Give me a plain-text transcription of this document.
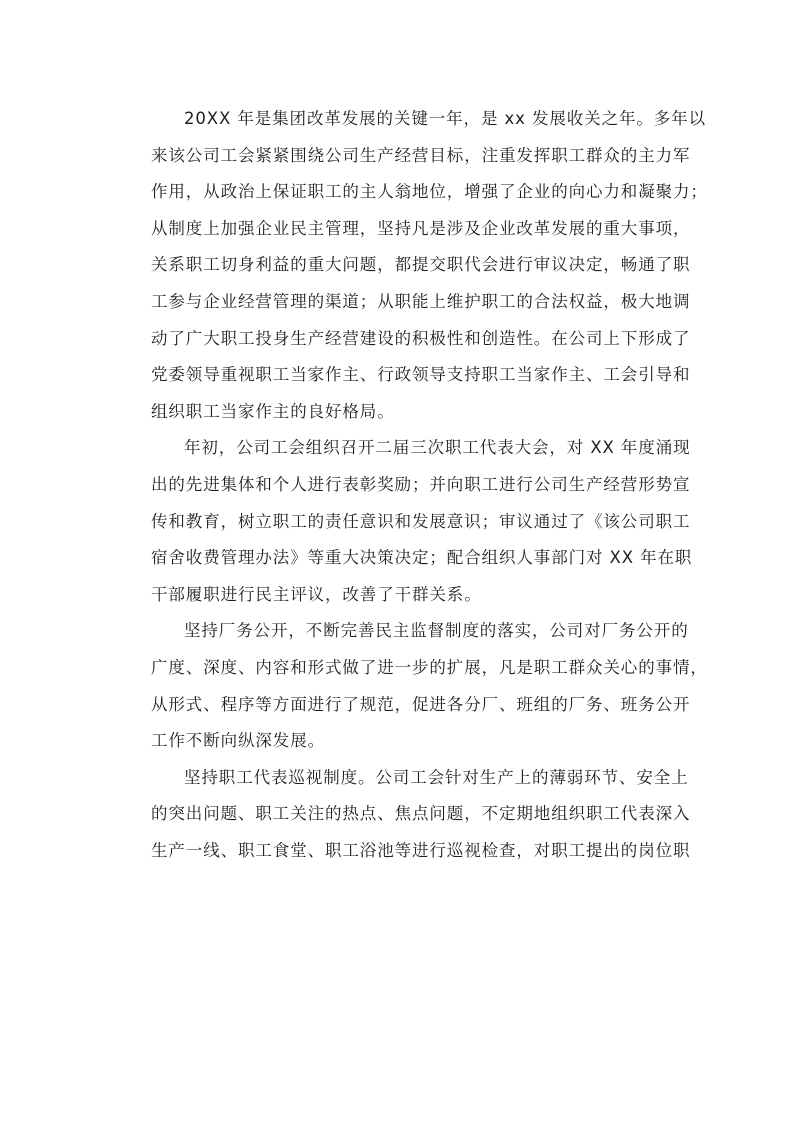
20XX 年是集团改革发展的关键一年，是 xx 发展收关之年。多年以
来该公司工会紧紧围绕公司生产经营目标，注重发挥职工群众的主力军
作用，从政治上保证职工的主人翁地位，增强了企业的向心力和凝聚力；
从制度上加强企业民主管理，坚持凡是涉及企业改革发展的重大事项，
关系职工切身利益的重大问题，都提交职代会进行审议决定，畅通了职
工参与企业经营管理的渠道；从职能上维护职工的合法权益，极大地调
动了广大职工投身生产经营建设的积极性和创造性。在公司上下形成了
党委领导重视职工当家作主、行政领导支持职工当家作主、工会引导和
组织职工当家作主的良好格局。
年初，公司工会组织召开二届三次职工代表大会，对 XX 年度涌现
出的先进集体和个人进行表彰奖励；并向职工进行公司生产经营形势宣
传和教育，树立职工的责任意识和发展意识；审议通过了《该公司职工
宿舍收费管理办法》等重大决策决定；配合组织人事部门对 XX 年在职
干部履职进行民主评议，改善了干群关系。
坚持厂务公开，不断完善民主监督制度的落实，公司对厂务公开的
广度、深度、内容和形式做了进一步的扩展，凡是职工群众关心的事情，
从形式、程序等方面进行了规范，促进各分厂、班组的厂务、班务公开
工作不断向纵深发展。
坚持职工代表巡视制度。公司工会针对生产上的薄弱环节、安全上
的突出问题、职工关注的热点、焦点问题，不定期地组织职工代表深入
生产一线、职工食堂、职工浴池等进行巡视检查，对职工提出的岗位职
